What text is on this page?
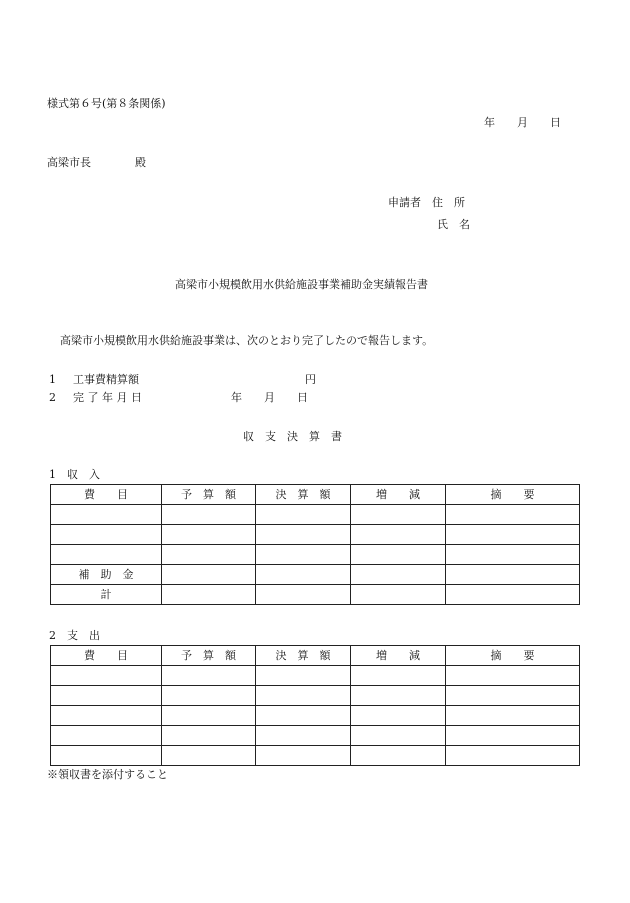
様式第６号(第８条関係)
年　　月　　日
高梁市長　　　　殿
申請者　住　所
氏　名
高梁市小規模飲用水供給施設事業補助金実績報告書
高梁市小規模飲用水供給施設事業は、次のとおり完了したので報告します。
1 工事費精算額	円
2 完 了 年 月 日	年　　月　　日
収　支　決　算　書
1　収　入
費　　目	予　算　額	決　算　額	増　　減	摘　　要

補　助　金				
計				
2　支　出
費　　目	予　算　額	決　算　額	増　　減	摘　　要

※領収書を添付すること
